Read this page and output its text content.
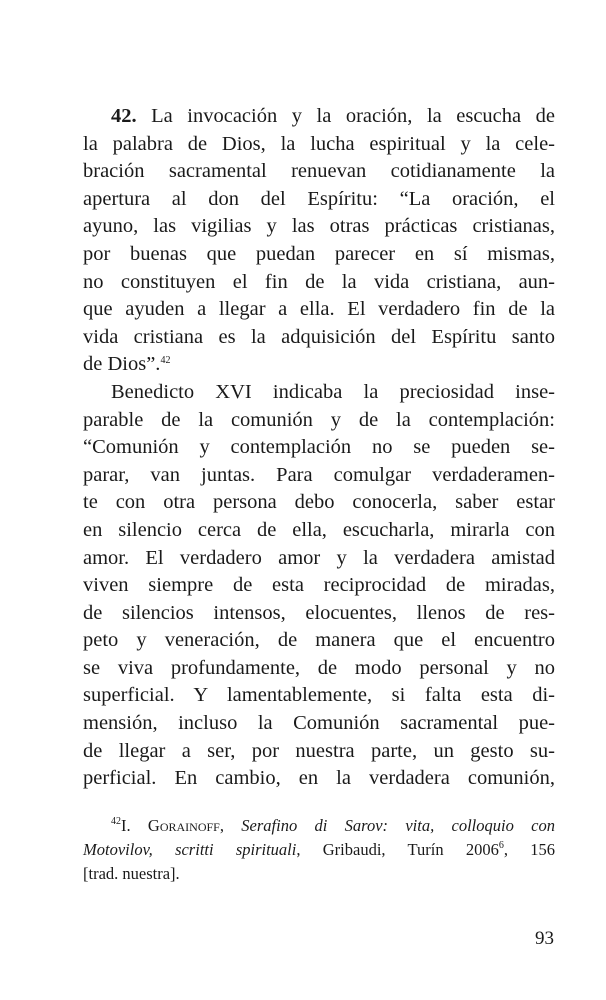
42. La invocación y la oración, la escucha de
la palabra de Dios, la lucha espiritual y la cele-
bración sacramental renuevan cotidianamente la
apertura al don del Espíritu: “La oración, el
ayuno, las vigilias y las otras prácticas cristianas,
por buenas que puedan parecer en sí mismas,
no constituyen el fin de la vida cristiana, aun-
que ayuden a llegar a ella. El verdadero fin de la
vida cristiana es la adquisición del Espíritu santo
de Dios”.$^{42}$
Benedicto XVI indicaba la preciosidad inse-
parable de la comunión y de la contemplación:
“Comunión y contemplación no se pueden se-
parar, van juntas. Para comulgar verdaderamen-
te con otra persona debo conocerla, saber estar
en silencio cerca de ella, escucharla, mirarla con
amor. El verdadero amor y la verdadera amistad
viven siempre de esta reciprocidad de miradas,
de silencios intensos, elocuentes, llenos de res-
peto y veneración, de manera que el encuentro
se viva profundamente, de modo personal y no
superficial. Y lamentablemente, si falta esta di-
mensión, incluso la Comunión sacramental pue-
de llegar a ser, por nuestra parte, un gesto su-
perficial. En cambio, en la verdadera comunión,
$^{42}$I. Gorainoff, Serafino di Sarov: vita, colloquio con
Motovilov, scritti spirituali, Gribaudi, Turín 2006$^6$, 156
[trad. nuestra].
93
